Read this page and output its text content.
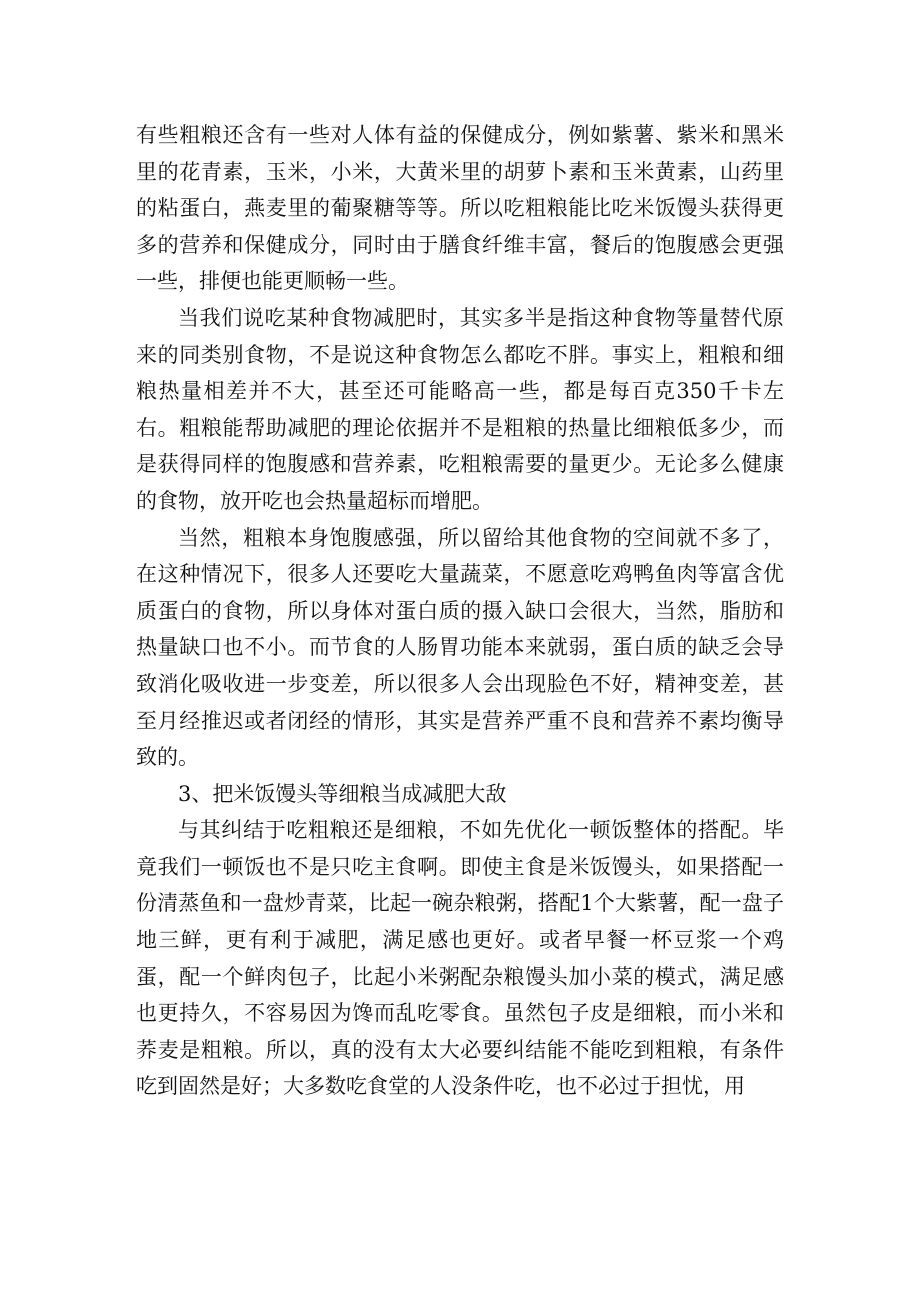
有些粗粮还含有一些对人体有益的保健成分，例如紫薯、紫米和黑米里的花青素，玉米，小米，大黄米里的胡萝卜素和玉米黄素，山药里的粘蛋白，燕麦里的葡聚糖等等。所以吃粗粮能比吃米饭馒头获得更多的营养和保健成分，同时由于膳食纤维丰富，餐后的饱腹感会更强一些，排便也能更顺畅一些。

当我们说吃某种食物减肥时，其实多半是指这种食物等量替代原来的同类别食物，不是说这种食物怎么都吃不胖。事实上，粗粮和细粮热量相差并不大，甚至还可能略高一些，都是每百克350千卡左右。粗粮能帮助减肥的理论依据并不是粗粮的热量比细粮低多少，而是获得同样的饱腹感和营养素，吃粗粮需要的量更少。无论多么健康的食物，放开吃也会热量超标而增肥。

当然，粗粮本身饱腹感强，所以留给其他食物的空间就不多了，在这种情况下，很多人还要吃大量蔬菜，不愿意吃鸡鸭鱼肉等富含优质蛋白的食物，所以身体对蛋白质的摄入缺口会很大，当然，脂肪和热量缺口也不小。而节食的人肠胃功能本来就弱，蛋白质的缺乏会导致消化吸收进一步变差，所以很多人会出现脸色不好，精神变差，甚至月经推迟或者闭经的情形，其实是营养严重不良和营养不素均衡导致的。

3、把米饭馒头等细粮当成减肥大敌

与其纠结于吃粗粮还是细粮，不如先优化一顿饭整体的搭配。毕竟我们一顿饭也不是只吃主食啊。即使主食是米饭馒头，如果搭配一份清蒸鱼和一盘炒青菜，比起一碗杂粮粥，搭配1个大紫薯，配一盘子地三鲜，更有利于减肥，满足感也更好。或者早餐一杯豆浆一个鸡蛋，配一个鲜肉包子，比起小米粥配杂粮馒头加小菜的模式，满足感也更持久，不容易因为馋而乱吃零食。虽然包子皮是细粮，而小米和荞麦是粗粮。所以，真的没有太大必要纠结能不能吃到粗粮，有条件吃到固然是好；大多数吃食堂的人没条件吃，也不必过于担忧，用
